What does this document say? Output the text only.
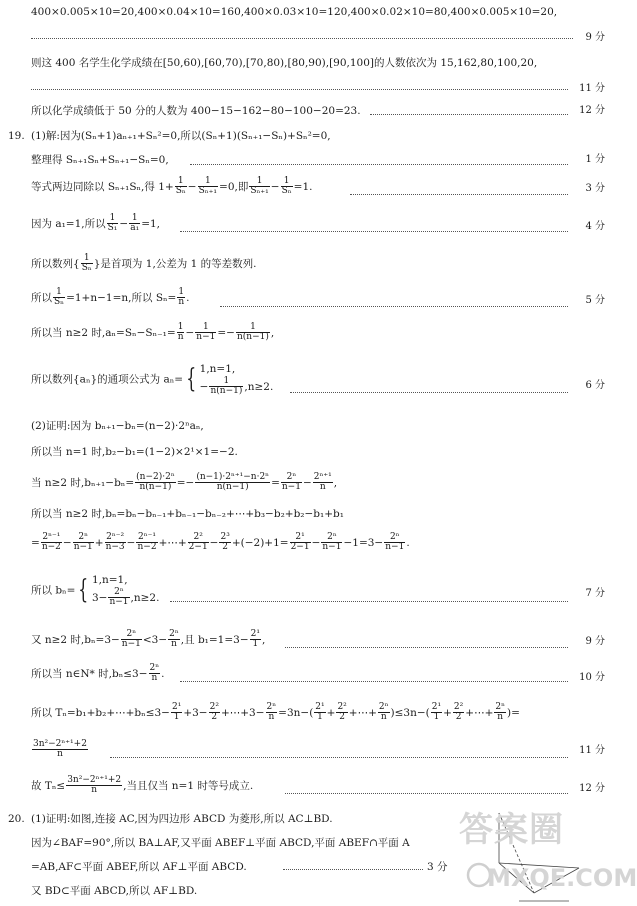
400×0.005×10=20,400×0.04×10=160,400×0.03×10=120,400×0.02×10=80,400×0.005×10=20,
9 分
则这 400 名学生化学成绩在[50,60),[60,70),[70,80),[80,90),[90,100]的人数依次为 15,162,80,100,20,
11 分
所以化学成绩低于 50 分的人数为 400−15−162−80−100−20=23.	12 分
19. (1)解:因为(Sₙ+1)aₙ₊₁+Sₙ²=0,所以(Sₙ+1)(Sₙ₊₁−Sₙ)+Sₙ²=0,
整理得 Sₙ₊₁Sₙ+Sₙ₊₁−Sₙ=0,	1 分
等式两边同除以 Sₙ₊₁Sₙ,得 $1+ \frac{1}{\text{Sₙ}} - \frac{1}{\text{Sₙ₊₁}} =0$,即 $\frac{1}{\text{Sₙ₊₁}} - \frac{1}{\text{Sₙ}} =1$.	3 分
因为 a₁=1,所以 $\frac{1}{\text{S₁}} - \frac{1}{\text{a₁}} =1$,	4 分
所以数列{ $\frac{1}{\text{Sₙ}}$ }是首项为 1,公差为 1 的等差数列.
所以 $\frac{1}{\text{Sₙ}} =1+n-1=n$,所以 $S_n= \frac{1}{n}$ .	5 分
所以当 n≥2 时$,a_n=S_n-S_{n-1}= \frac{1}{n} - \frac{1}{n-1} =- \frac{1}{n(n-1)}$ ,
所以数列{aₙ}的通项公式为 aₙ= { 1,n=1,
− $\frac{1}{n(n-1)} ,n\ge 2$.	6 分
(2)证明:因为 bₙ₊₁−bₙ=(n−2)·2ⁿaₙ,
所以当 n=1 时,b₂−b₁=(1−2)×2¹×1=−2.
当 n≥2 时$,b_{n+1}-b_n= \frac{\text{(n−2)·2ⁿ}}{n(n-1)} =- \frac{\text{(n−1)·2ⁿ⁺¹−n·2ⁿ}}{n(n-1)} = \frac{\text{2ⁿ}}{n-1} - \frac{\text{2ⁿ⁺¹}}{n}$ ,
所以当 n≥2 时,bₙ=bₙ−bₙ₋₁+bₙ₋₁−bₙ₋₂+⋯+b₃−b₂+b₂−b₁+b₁
= $\frac{\text{2ⁿ⁻¹}}{n-2} - \frac{\text{2ⁿ}}{n-1} + \frac{\text{2ⁿ⁻²}}{n-3} - \frac{\text{2ⁿ⁻¹}}{n-2}$ +⋯+ $\frac{\text{2²}}{2-1} - \frac{\text{2³}}{2} +(-2)+1= \frac{\text{2¹}}{2-1} - \frac{\text{2ⁿ}}{n-1} -1=3- \frac{\text{2ⁿ}}{n-1}$ .
所以 bₙ= { 1,n=1,
$3- \frac{\text{2ⁿ}}{n-1} ,n\ge 2$.	7 分
又 n≥2 时$,b_n=3- \frac{\text{2ⁿ}}{n-1} <3- \frac{\text{2ⁿ}}{n}$ ,且 $b_1=1=3- \frac{\text{2¹}}{1}$ ,	9 分
所以当 n∈N* 时$,b_n\le 3- \frac{\text{2ⁿ}}{n}$ .	10 分
所以 Tₙ=b₁+b₂+⋯+bₙ≤3− $\frac{\text{2¹}}{1} +3- \frac{\text{2²}}{2}$ +⋯+3− $\frac{\text{2ⁿ}}{n} =3n-( \frac{\text{2¹}}{1} + \frac{\text{2²}}{2}$ +⋯+ $\frac{\text{2ⁿ}}{n} )\le 3n-( \frac{\text{2¹}}{1} + \frac{\text{2²}}{2}$ +⋯+ $\frac{\text{2ⁿ}}{n}$ )=
$\frac{\text{3n²−2ⁿ⁺¹+2}}{n}$	11 分
故 $T_n\le \frac{\text{3n²−2ⁿ⁺¹+2}}{n}$ ,当且仅当 n=1 时等号成立.	12 分
20. (1)证明:如图,连接 AC,因为四边形 ABCD 为菱形,所以 AC⊥BD.
因为∠BAF=90°,所以 BA⊥AF,又平面 ABEF⊥平面 ABCD,平面 ABEF∩平面 A
=AB,AF⊂平面 ABEF,所以 AF⊥平面 ABCD.	3 分
又 BD⊂平面 ABCD,所以 AF⊥BD.
答案圈
MXQE.COM
